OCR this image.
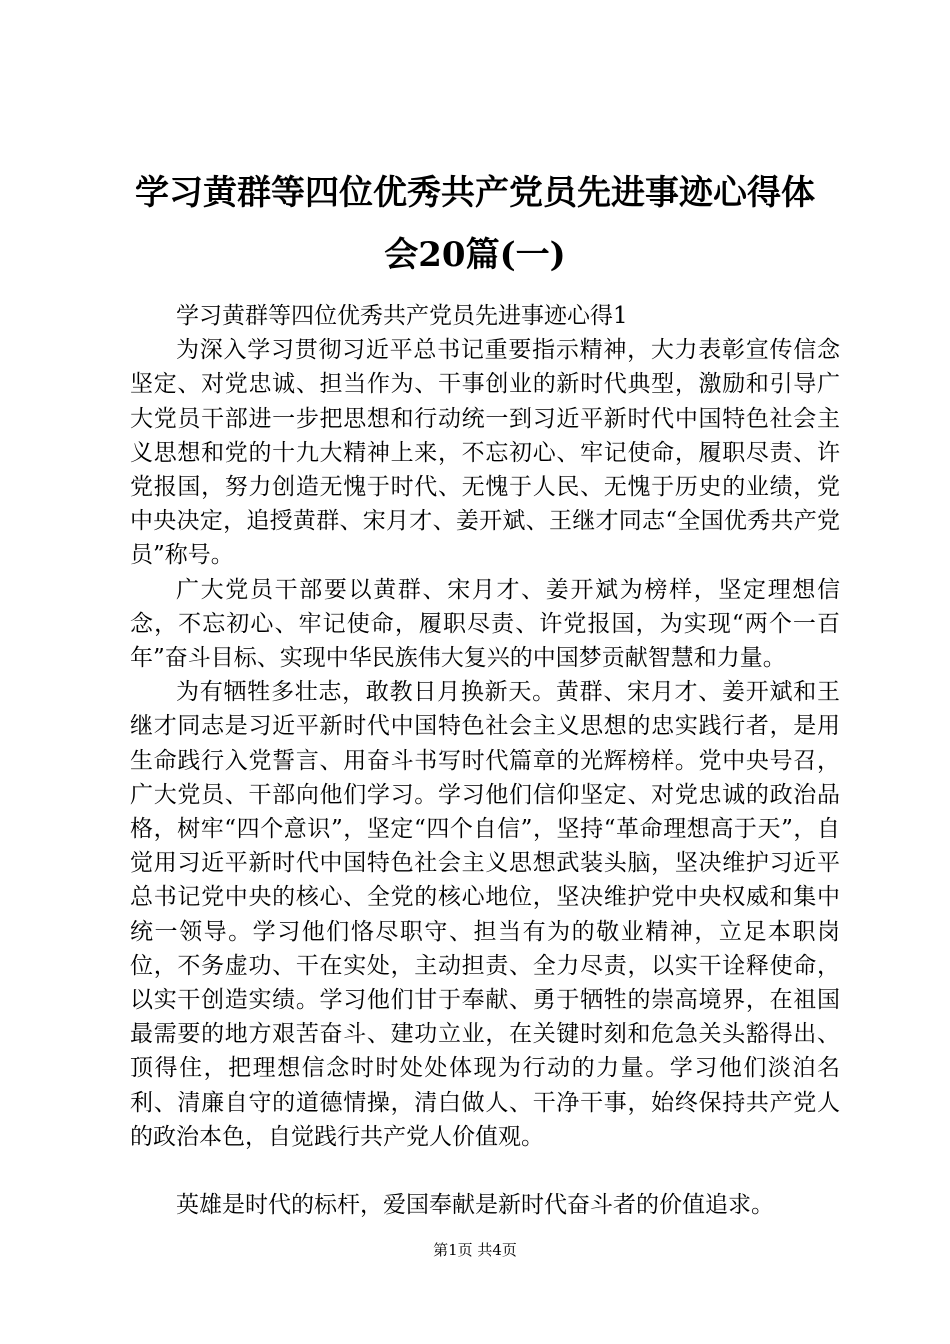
学习黄群等四位优秀共产党员先进事迹心得体
会20篇(一)
学习黄群等四位优秀共产党员先进事迹心得1

为深入学习贯彻习近平总书记重要指示精神，大力表彰宣传信念坚定、对党忠诚、担当作为、干事创业的新时代典型，激励和引导广大党员干部进一步把思想和行动统一到习近平新时代中国特色社会主义思想和党的十九大精神上来，不忘初心、牢记使命，履职尽责、许党报国，努力创造无愧于时代、无愧于人民、无愧于历史的业绩，党中央决定，追授黄群、宋月才、姜开斌、王继才同志“全国优秀共产党员”称号。

广大党员干部要以黄群、宋月才、姜开斌为榜样，坚定理想信念，不忘初心、牢记使命，履职尽责、许党报国，为实现“两个一百年”奋斗目标、实现中华民族伟大复兴的中国梦贡献智慧和力量。

为有牺牲多壮志，敢教日月换新天。黄群、宋月才、姜开斌和王继才同志是习近平新时代中国特色社会主义思想的忠实践行者，是用生命践行入党誓言、用奋斗书写时代篇章的光辉榜样。党中央号召，广大党员、干部向他们学习。学习他们信仰坚定、对党忠诚的政治品格，树牢“四个意识”，坚定“四个自信”，坚持“革命理想高于天”，自觉用习近平新时代中国特色社会主义思想武装头脑，坚决维护习近平总书记党中央的核心、全党的核心地位，坚决维护党中央权威和集中统一领导。学习他们恪尽职守、担当有为的敬业精神，立足本职岗位，不务虚功、干在实处，主动担责、全力尽责，以实干诠释使命，以实干创造实绩。学习他们甘于奉献、勇于牺牲的崇高境界，在祖国最需要的地方艰苦奋斗、建功立业，在关键时刻和危急关头豁得出、顶得住，把理想信念时时处处体现为行动的力量。学习他们淡泊名利、清廉自守的道德情操，清白做人、干净干事，始终保持共产党人的政治本色，自觉践行共产党人价值观。

英雄是时代的标杆，爱国奉献是新时代奋斗者的价值追求。

第1页 共4页
